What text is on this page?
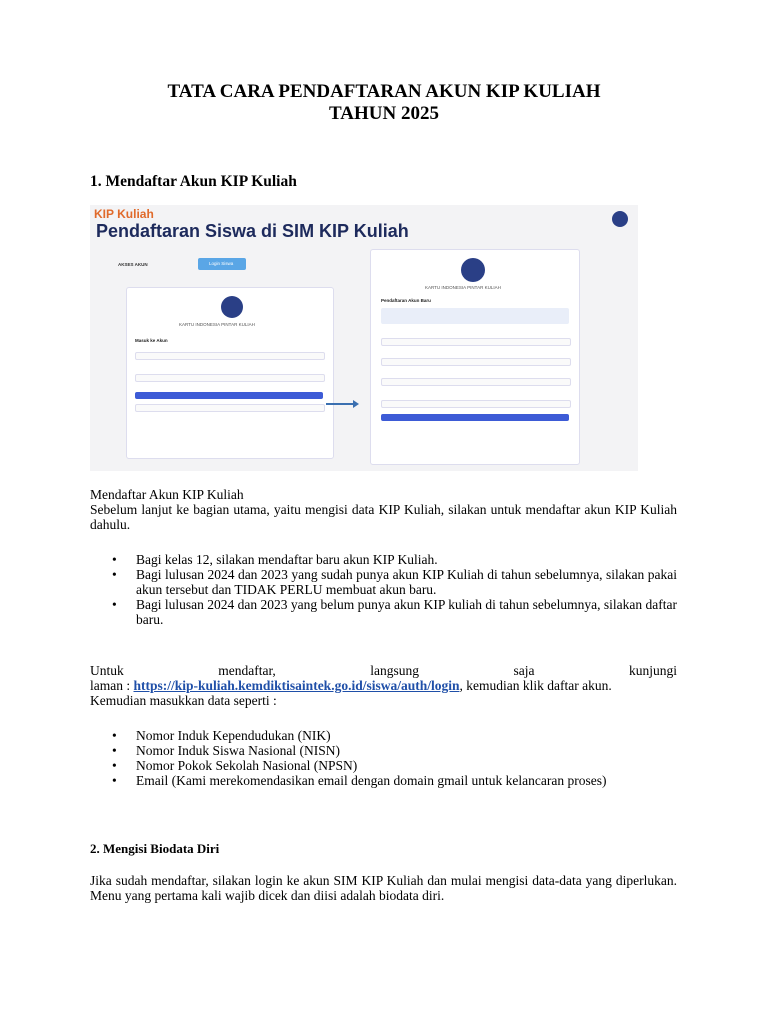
TATA CARA PENDAFTARAN AKUN KIP KULIAH
TAHUN 2025
1. Mendaftar Akun KIP Kuliah
KIP Kuliah
Pendaftaran Siswa di SIM KIP Kuliah
AKSES AKUN	Login Siswa
KARTU INDONESIA PINTAR KULIAH
Masuk ke Akun
KARTU INDONESIA PINTAR KULIAH
Pendaftaran Akun Baru
Mendaftar Akun KIP Kuliah
Sebelum lanjut ke bagian utama, yaitu mengisi data KIP Kuliah, silakan untuk mendaftar akun KIP Kuliah dahulu.
• Bagi kelas 12, silakan mendaftar baru akun KIP Kuliah.
• Bagi lulusan 2024 dan 2023 yang sudah punya akun KIP Kuliah di tahun sebelumnya, silakan pakai akun tersebut dan TIDAK PERLU membuat akun baru.
• Bagi lulusan 2024 dan 2023 yang belum punya akun KIP kuliah di tahun sebelumnya, silakan daftar baru.
Untuk mendaftar, langsung saja kunjungi
laman : https://kip-kuliah.kemdiktisaintek.go.id/siswa/auth/login, kemudian klik daftar akun.
Kemudian masukkan data seperti :
• Nomor Induk Kependudukan (NIK)
• Nomor Induk Siswa Nasional (NISN)
• Nomor Pokok Sekolah Nasional (NPSN)
• Email (Kami merekomendasikan email dengan domain gmail untuk kelancaran proses)
2. Mengisi Biodata Diri
Jika sudah mendaftar, silakan login ke akun SIM KIP Kuliah dan mulai mengisi data-data yang diperlukan. Menu yang pertama kali wajib dicek dan diisi adalah biodata diri.
